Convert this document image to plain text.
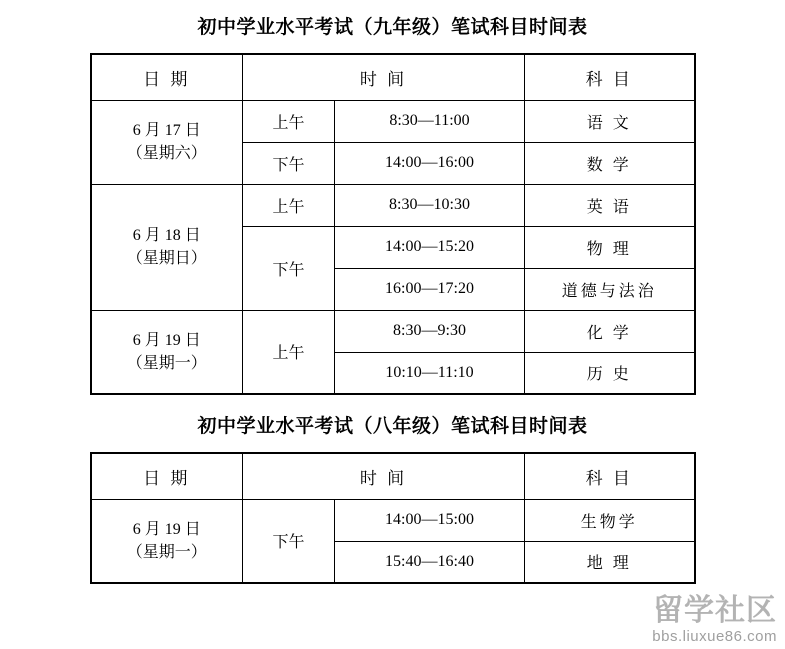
初中学业水平考试（九年级）笔试科目时间表
日 期	时 间		科 目
6 月 17 日
（星期六）	上午	8:30—11:00	语 文
	下午	14:00—16:00	数 学
6 月 18 日
（星期日）	上午	8:30—10:30	英 语
	下午	14:00—15:20	物 理
		16:00—17:20	道德与法治
6 月 19 日
（星期一）	上午	8:30—9:30	化 学
		10:10—11:10	历 史
初中学业水平考试（八年级）笔试科目时间表
日 期	时 间		科 目
6 月 19 日
（星期一）	下午	14:00—15:00	生物学
		15:40—16:40	地 理
留学社区
bbs.liuxue86.com
